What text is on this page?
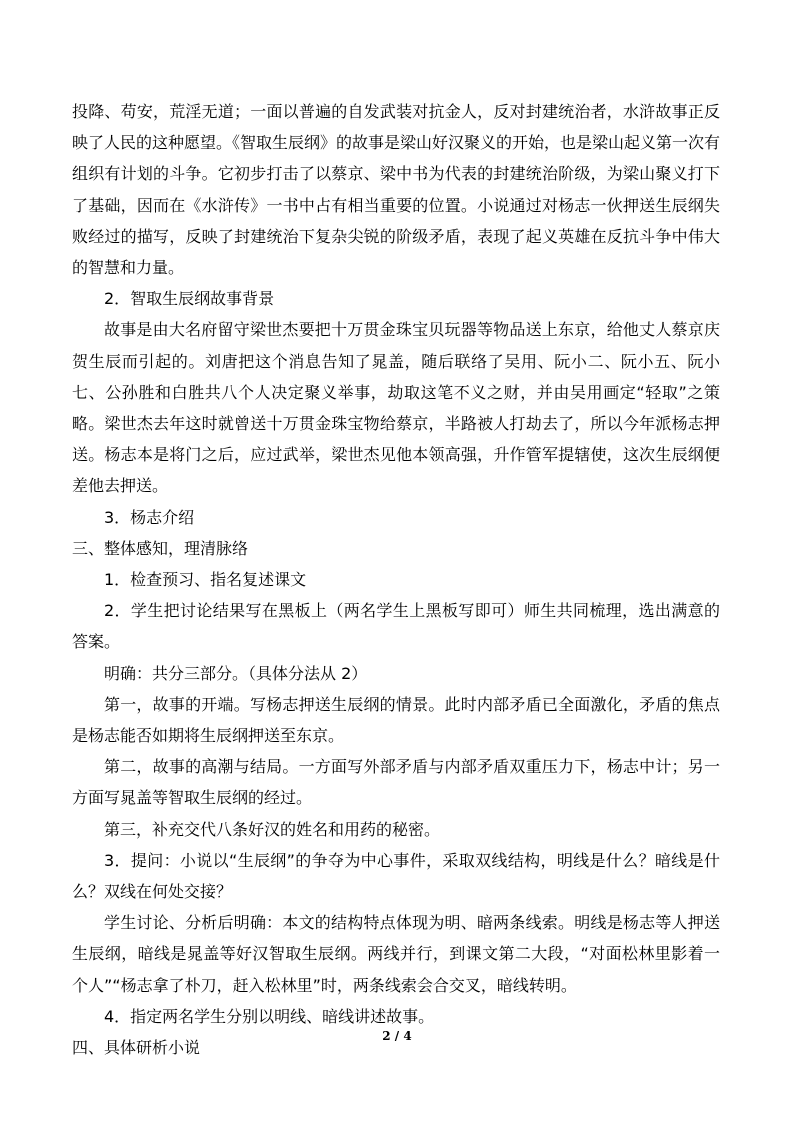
投降、苟安，荒淫无道；一面以普遍的自发武装对抗金人，反对封建统治者，水浒故事正反映了人民的这种愿望。《智取生辰纲》的故事是梁山好汉聚义的开始，也是梁山起义第一次有组织有计划的斗争。它初步打击了以蔡京、梁中书为代表的封建统治阶级，为梁山聚义打下了基础，因而在《水浒传》一书中占有相当重要的位置。小说通过对杨志一伙押送生辰纲失败经过的描写，反映了封建统治下复杂尖锐的阶级矛盾，表现了起义英雄在反抗斗争中伟大的智慧和力量。

2．智取生辰纲故事背景

故事是由大名府留守梁世杰要把十万贯金珠宝贝玩器等物品送上东京，给他丈人蔡京庆贺生辰而引起的。刘唐把这个消息告知了晁盖，随后联络了吴用、阮小二、阮小五、阮小七、公孙胜和白胜共八个人决定聚义举事，劫取这笔不义之财，并由吴用画定“轻取”之策略。梁世杰去年这时就曾送十万贯金珠宝物给蔡京，半路被人打劫去了，所以今年派杨志押送。杨志本是将门之后，应过武举，梁世杰见他本领高强，升作管军提辖使，这次生辰纲便差他去押送。

3．杨志介绍

三、整体感知，理清脉络

1．检查预习、指名复述课文

2．学生把讨论结果写在黑板上（两名学生上黑板写即可）师生共同梳理，选出满意的答案。

明确：共分三部分。（具体分法从 2）

第一，故事的开端。写杨志押送生辰纲的情景。此时内部矛盾已全面激化，矛盾的焦点是杨志能否如期将生辰纲押送至东京。

第二，故事的高潮与结局。一方面写外部矛盾与内部矛盾双重压力下，杨志中计；另一方面写晁盖等智取生辰纲的经过。

第三，补充交代八条好汉的姓名和用药的秘密。

3．提问：小说以“生辰纲”的争夺为中心事件，采取双线结构，明线是什么？暗线是什么？双线在何处交接？

学生讨论、分析后明确：本文的结构特点体现为明、暗两条线索。明线是杨志等人押送生辰纲，暗线是晁盖等好汉智取生辰纲。两线并行，到课文第二大段，“对面松林里影着一个人”“杨志拿了朴刀，赶入松林里”时，两条线索会合交叉，暗线转明。

4．指定两名学生分别以明线、暗线讲述故事。

四、具体研析小说

2 / 4
